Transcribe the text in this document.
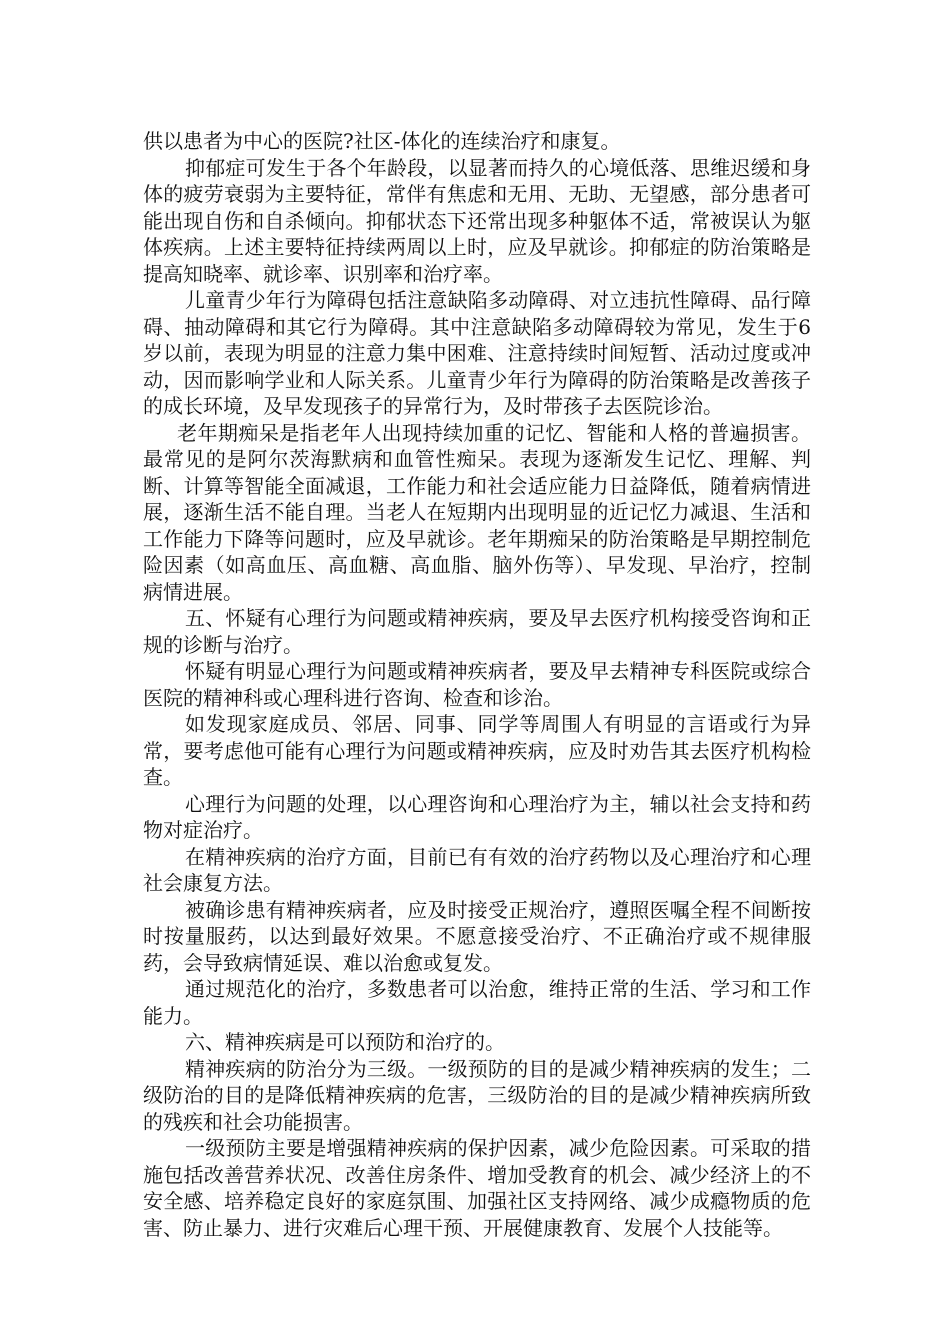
供以患者为中心的医院?社区-体化的连续治疗和康复。

抑郁症可发生于各个年龄段，以显著而持久的心境低落、思维迟缓和身体的疲劳衰弱为主要特征，常伴有焦虑和无用、无助、无望感，部分患者可能出现自伤和自杀倾向。抑郁状态下还常出现多种躯体不适，常被误认为躯体疾病。上述主要特征持续两周以上时，应及早就诊。抑郁症的防治策略是提高知晓率、就诊率、识别率和治疗率。

儿童青少年行为障碍包括注意缺陷多动障碍、对立违抗性障碍、品行障碍、抽动障碍和其它行为障碍。其中注意缺陷多动障碍较为常见，发生于6岁以前，表现为明显的注意力集中困难、注意持续时间短暂、活动过度或冲动，因而影响学业和人际关系。儿童青少年行为障碍的防治策略是改善孩子的成长环境，及早发现孩子的异常行为，及时带孩子去医院诊治。

老年期痴呆是指老年人出现持续加重的记忆、智能和人格的普遍损害。最常见的是阿尔茨海默病和血管性痴呆。表现为逐渐发生记忆、理解、判断、计算等智能全面减退，工作能力和社会适应能力日益降低，随着病情进展，逐渐生活不能自理。当老人在短期内出现明显的近记忆力减退、生活和工作能力下降等问题时，应及早就诊。老年期痴呆的防治策略是早期控制危险因素（如高血压、高血糖、高血脂、脑外伤等）、早发现、早治疗，控制病情进展。

五、怀疑有心理行为问题或精神疾病，要及早去医疗机构接受咨询和正规的诊断与治疗。

怀疑有明显心理行为问题或精神疾病者，要及早去精神专科医院或综合医院的精神科或心理科进行咨询、检查和诊治。

如发现家庭成员、邻居、同事、同学等周围人有明显的言语或行为异常，要考虑他可能有心理行为问题或精神疾病，应及时劝告其去医疗机构检查。

心理行为问题的处理，以心理咨询和心理治疗为主，辅以社会支持和药物对症治疗。

在精神疾病的治疗方面，目前已有有效的治疗药物以及心理治疗和心理社会康复方法。

被确诊患有精神疾病者，应及时接受正规治疗，遵照医嘱全程不间断按时按量服药，以达到最好效果。不愿意接受治疗、不正确治疗或不规律服药，会导致病情延误、难以治愈或复发。

通过规范化的治疗，多数患者可以治愈，维持正常的生活、学习和工作能力。

六、精神疾病是可以预防和治疗的。

精神疾病的防治分为三级。一级预防的目的是减少精神疾病的发生；二级防治的目的是降低精神疾病的危害，三级防治的目的是减少精神疾病所致的残疾和社会功能损害。

一级预防主要是增强精神疾病的保护因素，减少危险因素。可采取的措施包括改善营养状况、改善住房条件、增加受教育的机会、减少经济上的不安全感、培养稳定良好的家庭氛围、加强社区支持网络、减少成瘾物质的危害、防止暴力、进行灾难后心理干预、开展健康教育、发展个人技能等。
